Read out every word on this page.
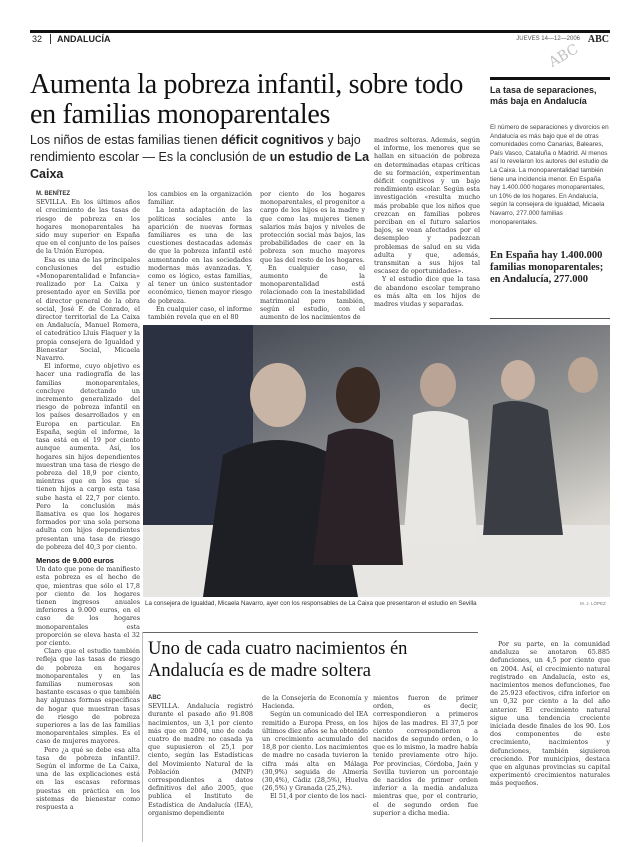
32	ANDALUCÍA	JUEVES 14—12—2006 ABC
ABC
Aumenta la pobreza infantil, sobre todo en familias monoparentales
Los niños de estas familias tienen déficit cognitivos y bajo rendimiento escolar — Es la conclusión de un estudio de La Caixa
M. BENÍTEZ

SEVILLA. En los últimos años el crecimiento de las tasas de riesgo de pobreza en los hogares monoparentales ha sido muy superior en España que en el conjunto de los países de la Unión Europea.

Esa es una de las principales conclusiones del estudio «Monoparentalidad e Infancia» realizado por La Caixa y presentado ayer en Sevilla por el director general de la obra social, José F. de Conrado, el director territorial de La Caixa en Andalucía, Manuel Romera, el catedrático Lluís Flaquer y la propia consejera de Igualdad y Bienestar Social, Micaela Navarro.

El informe, cuyo objetivo es hacer una radiografía de las familias monoparentales, concluye detectando un incremento generalizado del riesgo de pobreza infantil en los países desarrollados y en Europa en particular. En España, según el informe, la tasa está en el 19 por ciento aunque aumenta. Así, los hogares sin hijos dependientes muestran una tasa de riesgo de pobreza del 18,9 por ciento, mientras que en los que sí tienen hijos a cargo esta tasa sube hasta el 22,7 por ciento. Pero la conclusión más llamativa es que los hogares formados por una sola persona adulta con hijos dependientes presentan una tasa de riesgo de pobreza del 40,3 por ciento.

Menos de 9.000 euros

Un dato que pone de manifiesto esta pobreza es el hecho de que, mientras que sólo el 17,8 por ciento de los hogares tienen ingresos anuales inferiores a 9.000 euros, en el caso de los hogares monoparentales esta proporción se eleva hasta el 32 por ciento.

Claro que el estudio también refleja que las tasas de riesgo de pobreza en hogares monoparentales y en las familias numerosas son bastante escasas o que también hay algunas formas específicas de hogar que muestran tasas de riesgo de pobreza superiores a las de las familias monoparentales simples. Es el caso de mujeres mayores.

Pero ¿a qué se debe esa alta tasa de pobreza infantil?. Según el informe de La Caixa, una de las explicaciones está en las escasas reformas puestas en práctica en los sistemas de bienestar como respuesta a

los cambios en la organización familiar.

La lenta adaptación de las políticas sociales ante la aparición de nuevas formas familiares es una de las cuestiones destacadas además de que la pobreza infantil esté aumentando en las sociedades modernas más avanzadas. Y, como es lógico, estas familias, al tener un único sustentador económico, tienen mayor riesgo de pobreza.

En cualquier caso, el informe también revela que en el 80

por ciento de los hogares monoparentales, el progenitor a cargo de los hijos es la madre y que como las mujeres tienen salarios más bajos y niveles de protección social más bajos, las probabilidades de caer en la pobreza son mucho mayores que las del resto de los hogares.

En cualquier caso, el aumento de la monoparentalidad está relacionado con la inestabilidad matrimonial pero también, según el estudio, con el aumento de los nacimientos de

madres solteras. Además, según el informe, los menores que se hallan en situación de pobreza en determinadas etapas críticas de su formación, experimentan déficit cognitivos y un bajo rendimiento escolar. Según esta investigación «resulta mucho más probable que los niños que crezcan en familias pobres perciban en el futuro salarios bajos, se vean afectados por el desempleo y padezcan problemas de salud en su vida adulta y que, además, transmitan a sus hijos tal escasez de oportunidades».

Y el estudio dice que la tasa de abandono escolar temprano es más alta en los hijos de madres viudas y separadas.

La tasa de separaciones, más baja en Andalucía
El número de separaciones y divorcios en Andalucía es más bajo que el de otras comunidades como Canarias, Baleares, País Vasco, Cataluña o Madrid. Al menos así lo revelaron los autores del estudio de La Caixa. La monoparentalidad también tiene una incidencia menor. En España hay 1.400.000 hogares monoparentales, un 10% de los hogares. En Andalucía, según la consejera de Igualdad, Micaela Navarro, 277.000 familias monoparentales.
En España hay 1.400.000 familias monoparentales; en Andalucía, 277.000
La consejera de Igualdad, Micaela Navarro, ayer con los responsables de La Caixa que presentaron el estudio en Sevilla	M. J. LÓPEZ
Uno de cada cuatro nacimientos én Andalucía es de madre soltera
ABC

SEVILLA. Andalucía registró durante el pasado año 91.808 nacimientos, un 3,1 por ciento más que en 2004, uno de cada cuatro de madre no casada ya que supusieron el 25,1 por ciento, según las Estadísticas del Movimiento Natural de la Población (MNP) correspondientes a datos definitivos del año 2005, que publica el Instituto de Estadística de Andalucía (IEA), organismo dependiente

de la Consejería de Economía y Hacienda.

Según un comunicado del IEA remitido a Europa Press, en los últimos diez años se ha obtenido un crecimiento acumulado del 18,8 por ciento. Los nacimientos de madre no casada tuvieron la cifra más alta en Málaga (30,9%) seguida de Almería (30,4%), Cádiz (28,5%), Huelva (26,5%) y Granada (25,2%).

El 51,4 por ciento de los naci-

mientos fueron de primer orden, es decir, correspondieron a primeros hijos de las madres. El 37,5 por ciento correspondieron a nacidos de segundo orden, o lo que es lo mismo, la madre había tenido previamente otro hijo. Por provincias, Córdoba, Jaén y Sevilla tuvieron un porcentaje de nacidos de primer orden inferior a la media andaluza mientras que, por el contrario, el de segundo orden fue superior a dicha media.

Por su parte, en la comunidad andaluza se anotaron 65.885 defunciones, un 4,5 por ciento que en 2004. Así, el crecimiento natural registrado en Andalucía, esto es, nacimientos menos defunciones, fue de 25.923 efectivos, cifra inferior en un 0,32 por ciento a la del año anterior. El crecimiento natural sigue una tendencia creciente iniciada desde finales de los 90. Los dos componentes de este crecimiento, nacimientos y defunciones, también siguieron creciendo. Por municipios, destaca que en algunas provincias su capital experimentó crecimientos naturales más pequeños.
